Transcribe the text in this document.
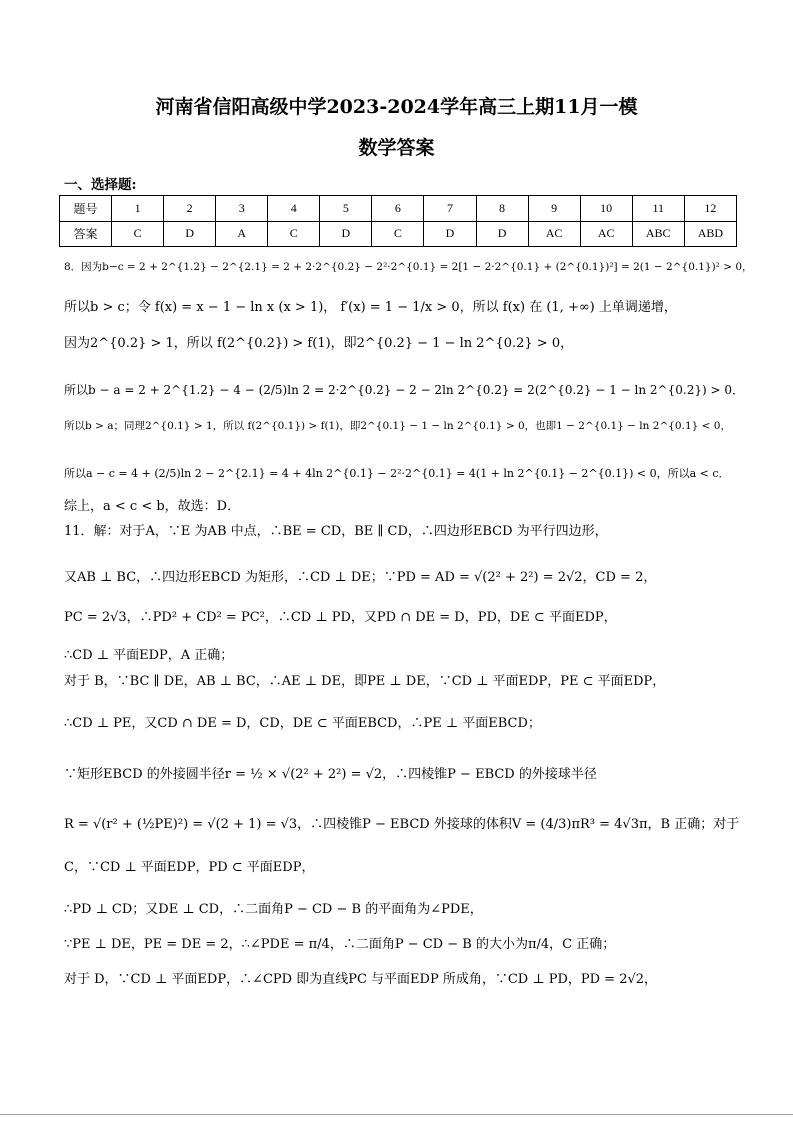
河南省信阳高级中学2023-2024学年高三上期11月一模
数学答案
一、选择题:
题号	1	2	3	4	5	6	7	8	9	10	11	12
答案	C	D	A	C	D	C	D	D	AC	AC	ABC	ABD
8．因为b−c = 2 + 2^{1.2} − 2^{2.1} = 2 + 2·2^{0.2} − 2²·2^{0.1} = 2[1 − 2·2^{0.1} + (2^{0.1})²] = 2(1 − 2^{0.1})² > 0，
所以b > c；令 f(x) = x − 1 − ln x (x > 1)， f′(x) = 1 − 1/x > 0，所以 f(x) 在 (1, +∞) 上单调递增，
因为2^{0.2} > 1，所以 f(2^{0.2}) > f(1)，即2^{0.2} − 1 − ln 2^{0.2} > 0，
所以b − a = 2 + 2^{1.2} − 4 − (2/5)ln 2 = 2·2^{0.2} − 2 − 2ln 2^{0.2} = 2(2^{0.2} − 1 − ln 2^{0.2}) > 0．
所以b > a；同理2^{0.1} > 1，所以 f(2^{0.1}) > f(1)，即2^{0.1} − 1 − ln 2^{0.1} > 0，也即1 − 2^{0.1} − ln 2^{0.1} < 0，
所以a − c = 4 + (2/5)ln 2 − 2^{2.1} = 4 + 4ln 2^{0.1} − 2²·2^{0.1} = 4(1 + ln 2^{0.1} − 2^{0.1}) < 0，所以a < c．
综上，a < c < b，故选：D．
11．解：对于A，∵E 为AB 中点，∴BE = CD，BE ∥ CD，∴四边形EBCD 为平行四边形，
又AB ⊥ BC，∴四边形EBCD 为矩形，∴CD ⊥ DE；∵PD = AD = √(2² + 2²) = 2√2，CD = 2，
PC = 2√3，∴PD² + CD² = PC²，∴CD ⊥ PD，又PD ∩ DE = D，PD，DE ⊂ 平面EDP，
∴CD ⊥ 平面EDP，A 正确；
对于 B，∵BC ∥ DE，AB ⊥ BC，∴AE ⊥ DE，即PE ⊥ DE，∵CD ⊥ 平面EDP，PE ⊂ 平面EDP，
∴CD ⊥ PE，又CD ∩ DE = D，CD，DE ⊂ 平面EBCD，∴PE ⊥ 平面EBCD；
∵矩形EBCD 的外接圆半径r = ½ × √(2² + 2²) = √2，∴四棱锥P − EBCD 的外接球半径
R = √(r² + (½PE)²) = √(2 + 1) = √3，∴四棱锥P − EBCD 外接球的体积V = (4/3)πR³ = 4√3π，B 正确；对于
C，∵CD ⊥ 平面EDP，PD ⊂ 平面EDP，
∴PD ⊥ CD；又DE ⊥ CD，∴二面角P − CD − B 的平面角为∠PDE，
∵PE ⊥ DE，PE = DE = 2，∴∠PDE = π/4，∴二面角P − CD − B 的大小为π/4，C 正确；
对于 D，∵CD ⊥ 平面EDP，∴∠CPD 即为直线PC 与平面EDP 所成角，∵CD ⊥ PD，PD = 2√2，
